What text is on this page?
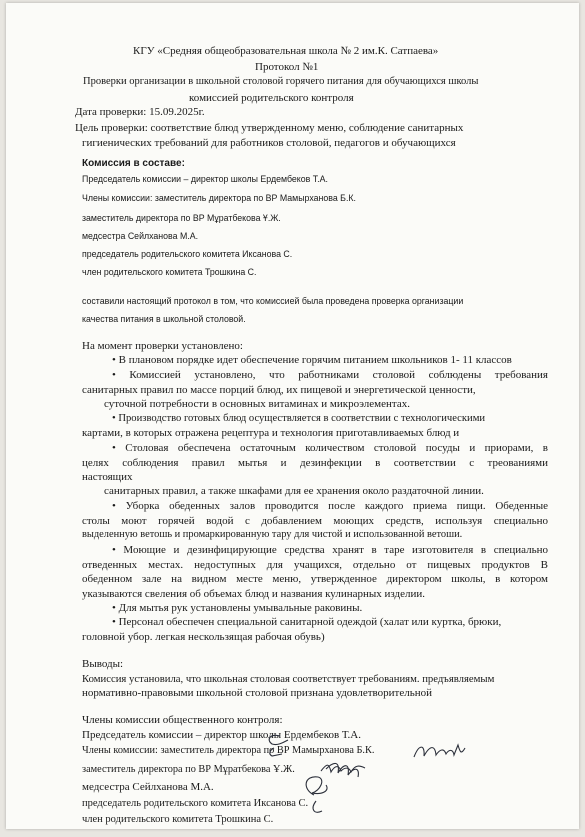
КГУ «Средняя общеобразовательная школа № 2 им.К. Сатпаева»
Протокол №1
Проверки организации в школьной столовой горячего питания для обучающихся школы
комиссией родительского контроля
Дата проверки: 15.09.2025г.
Цель проверки: соответствие блюд утвержденному меню, соблюдение санитарных
гигиенических требований для работников столовой, педагогов и обучающихся
Комиссия в составе:
Председатель комиссии – директор школы Ердембеков Т.А.
Члены комиссии: заместитель директора по ВР Мамырханова Б.К.
заместитель директора по ВР Мұратбекова Ұ.Ж.
медсестра Сейлханова М.А.
председатель родительского комитета Иксанова С.
член родительского комитета Трошкина С.
составили настоящий протокол в том, что комиссией была проведена проверка организации
качества питания в школьной столовой.
На момент проверки установлено:
• В плановом порядке идет обеспечение горячим питанием школьников 1- 11 классов
• Комиссией установлено, что работниками столовой соблюдены требования
санитарных правил по массе порций блюд, их пищевой и энергетической ценности,
суточной потребности в основных витаминах и микроэлементах.
• Производство готовых блюд осуществляется в соответствии с технологическими
картами, в которых отражена рецептура и технология приготавливаемых блюд и
• Столовая обеспечена остаточным количеством столовой посуды и приорами, в
целях соблюдения правил мытья и дезинфекции в соответствии с треованиями
настоящих
санитарных правил, а также шкафами для ее хранения около раздаточной линии.
• Уборка обеденных залов проводится после каждого приема пищи. Обеденные
столы моют горячей водой с добавлением моющих средств, используя специально
выделенную ветошь и промаркированную тару для чистой и использованной ветоши.
• Моющие и дезинфицирующие средства хранят в таре изготовителя в специально
отведенных местах. недоступных для учащихся, отдельно от пищевых продуктов В
обеденном зале на видном месте меню, утвержденное директором школы, в котором
указываются свеления об объемах блюд и названия кулинарных изделии.
• Для мытья рук установлены умывальные раковины.
• Персонал обеспечен специальной санитарной одеждой (халат или куртка, брюки,
головной убор. легкая нескользящая рабочая обувь)
Выводы:
Комиссия установила, что школьная столовая соответствует требованиям. предъявляемым
нормативно-правовыми школьной столовой признана удовлетворительной
Члены комиссии общественного контроля:
Председатель комиссии – директор школы Ердембеков Т.А.
Члены комиссии: заместитель директора по ВР Мамырханова Б.К.
заместитель директора по ВР Мұратбекова Ұ.Ж.
медсестра Сейлханова М.А.
председатель родительского комитета Иксанова С.
член родительского комитета Трошкина С.
